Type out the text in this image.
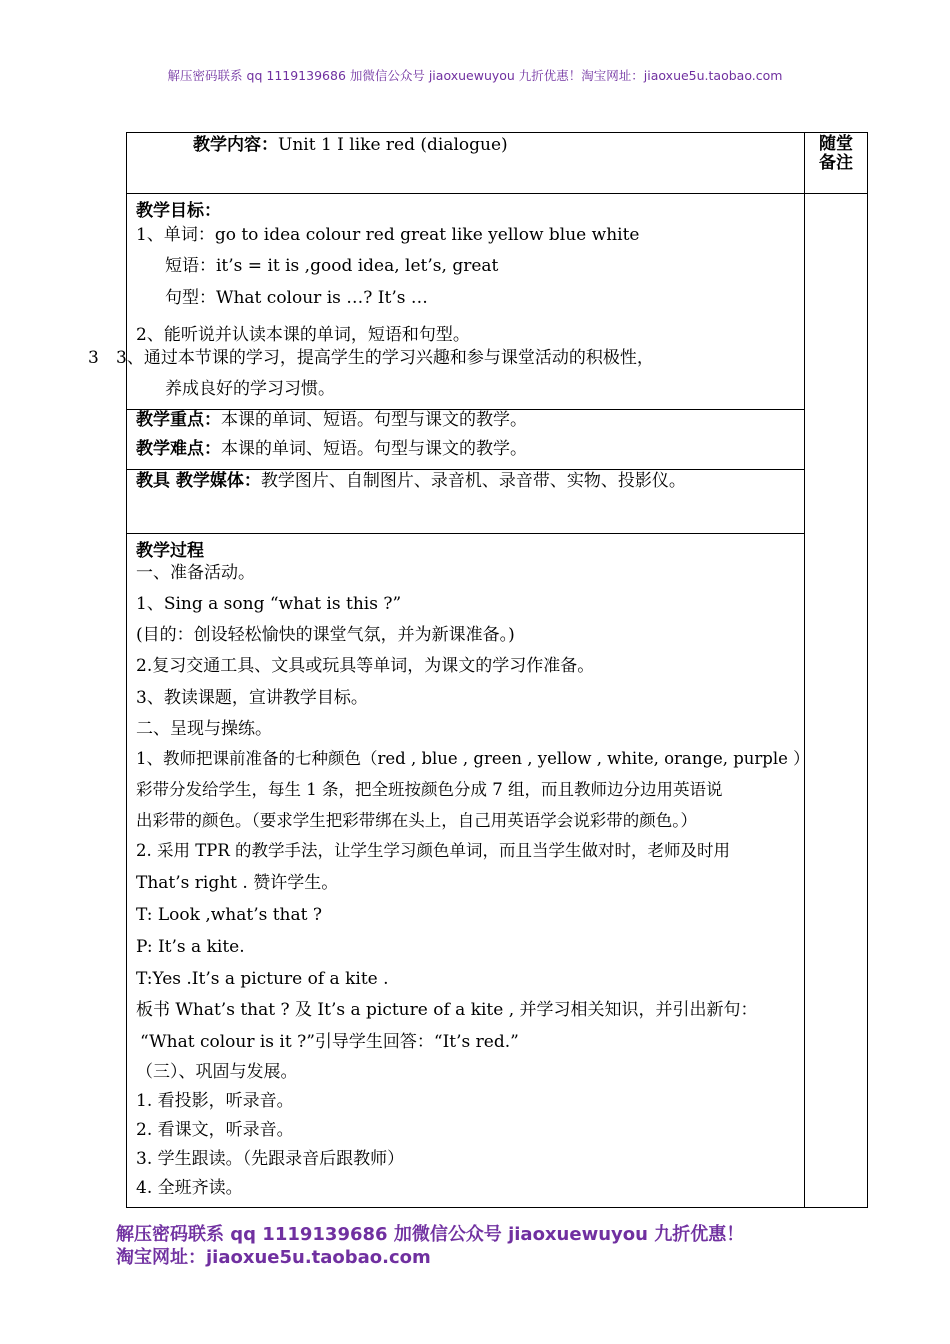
解压密码联系 qq 1119139686 加微信公众号 jiaoxuewuyou 九折优惠！淘宝网址：jiaoxue5u.taobao.com
教学内容：Unit 1 I like red (dialogue)	随堂
备注
教学目标：
1、单词：go to idea colour red great like yellow blue white
短语：it’s = it is ,good idea, let’s, great
句型：What colour is …? It’s …
2、能听说并认读本课的单词，短语和句型。
3 3、通过本节课的学习，提高学生的学习兴趣和参与课堂活动的积极性，
养成良好的学习习惯。
教学重点：本课的单词、短语。句型与课文的教学。
教学难点：本课的单词、短语。句型与课文的教学。
教具 教学媒体：教学图片、自制图片、录音机、录音带、实物、投影仪。
教学过程
一、准备活动。
1、Sing a song “what is this ?”
(目的：创设轻松愉快的课堂气氛，并为新课准备。)
2.复习交通工具、文具或玩具等单词，为课文的学习作准备。
3、教读课题，宣讲教学目标。
二、呈现与操练。
1、教师把课前准备的七种颜色（red , blue , green , yellow , white, orange, purple ）
彩带分发给学生，每生 1 条，把全班按颜色分成 7 组，而且教师边分边用英语说
出彩带的颜色。（要求学生把彩带绑在头上，自己用英语学会说彩带的颜色。）
2. 采用 TPR 的教学手法，让学生学习颜色单词，而且当学生做对时，老师及时用
That’s right . 赞许学生。
T: Look ,what’s that ?
P: It’s a kite.
T:Yes .It’s a picture of a kite .
板书 What’s that ? 及 It’s a picture of a kite , 并学习相关知识，并引出新句：
“What colour is it ?”引导学生回答：“It’s red.”
（三）、巩固与发展。
1. 看投影，听录音。
2. 看课文，听录音。
3. 学生跟读。（先跟录音后跟教师）
4. 全班齐读。
解压密码联系 qq 1119139686 加微信公众号 jiaoxuewuyou 九折优惠！
淘宝网址：jiaoxue5u.taobao.com
